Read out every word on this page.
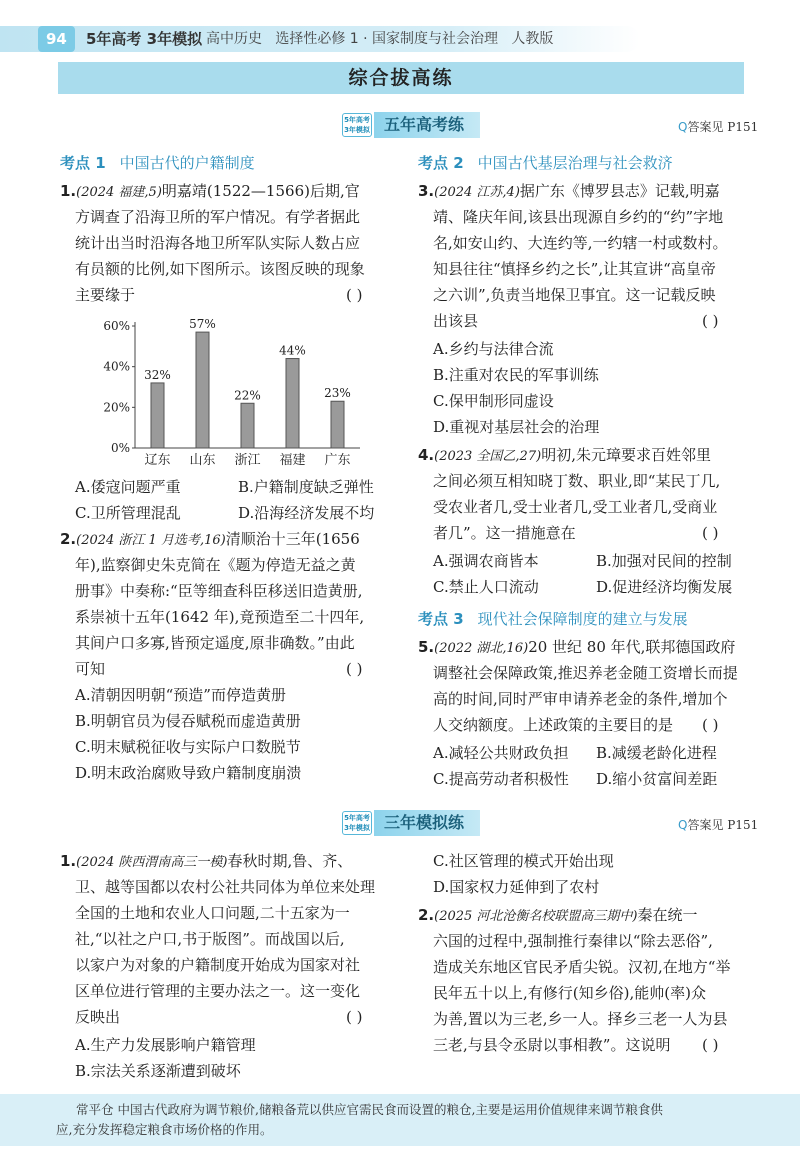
94	5年高考 3年模拟 高中历史   选择性必修 1 · 国家制度与社会治理   人教版
综合拔高练
5年高考 3年模拟 五年高考练	Q答案见 P151
考点 1 中国古代的户籍制度
1.(2024 福建,5)明嘉靖(1522—1566)后期,官
方调查了沿海卫所的军户情况。有学者据此
统计出当时沿海各地卫所军队实际人数占应
有员额的比例,如下图所示。该图反映的现象
主要缘于	( )
0%
20%
40%
60%
32%
辽东
57%
山东
22%
浙江
44%
福建
23%
广东
A.倭寇问题严重	B.户籍制度缺乏弹性
C.卫所管理混乱	D.沿海经济发展不均
2.(2024 浙江 1 月选考,16)清顺治十三年(1656
年),监察御史朱克简在《题为停造无益之黄
册事》中奏称:“臣等细查科臣移送旧造黄册,
系崇祯十五年(1642 年),竟预造至二十四年,
其间户口多寡,皆预定遥度,原非确数。”由此
可知	( )
A.清朝因明朝“预造”而停造黄册
B.明朝官员为侵吞赋税而虚造黄册
C.明末赋税征收与实际户口数脱节
D.明末政治腐败导致户籍制度崩溃
考点 2 中国古代基层治理与社会救济
3.(2024 江苏,4)据广东《博罗县志》记载,明嘉
靖、隆庆年间,该县出现源自乡约的“约”字地
名,如安山约、大连约等,一约辖一村或数村。
知县往往“慎择乡约之长”,让其宣讲“高皇帝
之六训”,负责当地保卫事宜。这一记载反映
出该县	( )
A.乡约与法律合流
B.注重对农民的军事训练
C.保甲制形同虚设
D.重视对基层社会的治理
4.(2023 全国乙,27)明初,朱元璋要求百姓邻里
之间必须互相知晓丁数、职业,即“某民丁几,
受农业者几,受士业者几,受工业者几,受商业
者几”。这一措施意在	( )
A.强调农商皆本	B.加强对民间的控制
C.禁止人口流动	D.促进经济均衡发展
考点 3 现代社会保障制度的建立与发展
5.(2022 湖北,16)20 世纪 80 年代,联邦德国政府
调整社会保障政策,推迟养老金随工资增长而提
高的时间,同时严审申请养老金的条件,增加个
人交纳额度。上述政策的主要目的是 ( )
A.减轻公共财政负担 B.减缓老龄化进程
C.提高劳动者积极性 D.缩小贫富间差距
5年高考 3年模拟 三年模拟练	Q答案见 P151
1.(2024 陕西渭南高三一模)春秋时期,鲁、齐、
卫、越等国都以农村公社共同体为单位来处理
全国的土地和农业人口问题,二十五家为一
社,“以社之户口,书于版图”。而战国以后,
以家户为对象的户籍制度开始成为国家对社
区单位进行管理的主要办法之一。这一变化
反映出	( )
A.生产力发展影响户籍管理
B.宗法关系逐渐遭到破坏
C.社区管理的模式开始出现
D.国家权力延伸到了农村
2.(2025 河北沧衡名校联盟高三期中)秦在统一
六国的过程中,强制推行秦律以“除去恶俗”,
造成关东地区官民矛盾尖锐。汉初,在地方“举
民年五十以上,有修行(知乡俗),能帅(率)众
为善,置以为三老,乡一人。择乡三老一人为县
三老,与县令丞尉以事相教”。这说明 ( )
常平仓 中国古代政府为调节粮价,储粮备荒以供应官需民食而设置的粮仓,主要是运用价值规律来调节粮食供
应,充分发挥稳定粮食市场价格的作用。
